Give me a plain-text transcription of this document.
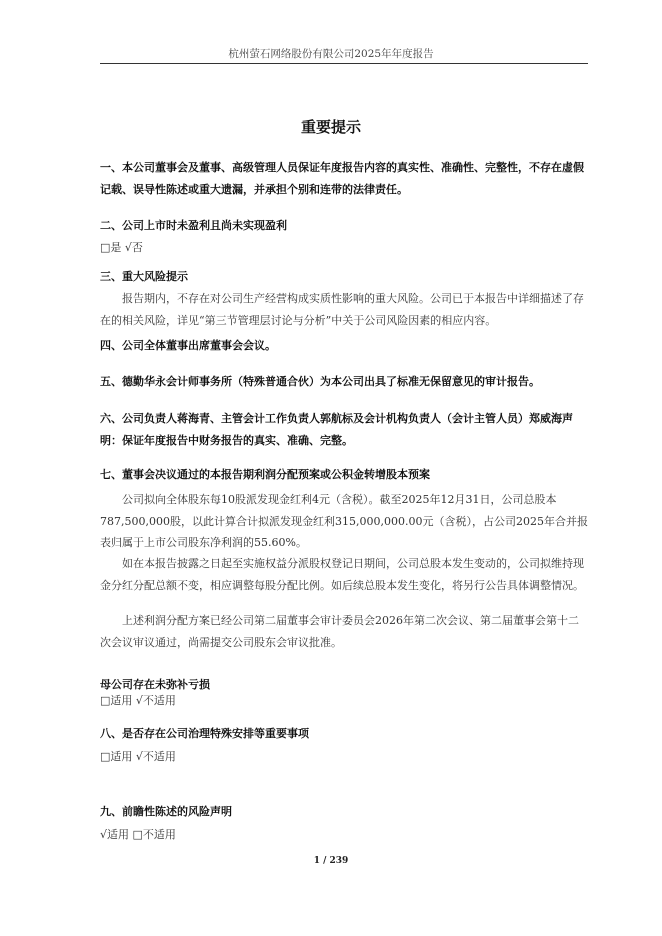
杭州萤石网络股份有限公司2025年年度报告
重要提示
一、本公司董事会及董事、高级管理人员保证年度报告内容的真实性、准确性、完整性，不存在虚假记载、误导性陈述或重大遗漏，并承担个别和连带的法律责任。
二、公司上市时未盈利且尚未实现盈利
□是 √否
三、重大风险提示
报告期内，不存在对公司生产经营构成实质性影响的重大风险。公司已于本报告中详细描述了存在的相关风险，详见“第三节管理层讨论与分析”中关于公司风险因素的相应内容。
四、公司全体董事出席董事会会议。
五、德勤华永会计师事务所（特殊普通合伙）为本公司出具了标准无保留意见的审计报告。
六、公司负责人蒋海青、主管会计工作负责人郭航标及会计机构负责人（会计主管人员）郑威海声明：保证年度报告中财务报告的真实、准确、完整。
七、董事会决议通过的本报告期利润分配预案或公积金转增股本预案
公司拟向全体股东每10股派发现金红利4元（含税）。截至2025年12月31日，公司总股本787,500,000股，以此计算合计拟派发现金红利315,000,000.00元（含税），占公司2025年合并报表归属于上市公司股东净利润的55.60%。
如在本报告披露之日起至实施权益分派股权登记日期间，公司总股本发生变动的，公司拟维持现金分红分配总额不变，相应调整每股分配比例。如后续总股本发生变化，将另行公告具体调整情况。
上述利润分配方案已经公司第二届董事会审计委员会2026年第二次会议、第二届董事会第十二次会议审议通过，尚需提交公司股东会审议批准。
母公司存在未弥补亏损
□适用 √不适用
八、是否存在公司治理特殊安排等重要事项
□适用 √不适用
九、前瞻性陈述的风险声明
√适用 □不适用
1 / 239
